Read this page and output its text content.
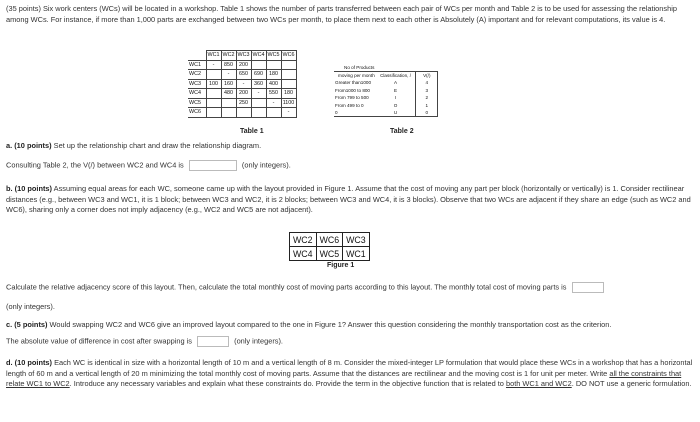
(35 points) Six work centers (WCs) will be located in a workshop. Table 1 shows the number of parts transferred between each pair of WCs per month and Table 2 is to be used for assessing the relationship among WCs. For instance, if more than 1,000 parts are exchanged between two WCs per month, to place them next to each other is Absolutely (A) important and for relevant computations, its value is 4.
	WC1	WC2	WC3	WC4	WC5	WC6
WC1	-	850	200			
WC2		-	650	690	180	
WC3	100	160	-	360	400	
WC4		480	200	-	550	180
WC5			250		-	1100
WC6						-
Table 1
No of Products		
moving per month	Classification, /	V(/)
Greater than1000	A	4
From1000 to 800	E	3
From 799 to 500	I	2
From 499 to 0	O	1
0	U	0
Table 2
a. (10 points) Set up the relationship chart and draw the relationship diagram.
Consulting Table 2, the V(/) between WC2 and WC4 is	(only integers).
b. (10 points) Assuming equal areas for each WC, someone came up with the layout provided in Figure 1. Assume that the cost of moving any part per block (horizontally or vertically) is 1. Consider rectilinear distances (e.g., between WC3 and WC1, it is 1 block; between WC3 and WC2, it is 2 blocks; between WC3 and WC4, it is 3 blocks). Observe that two WCs are adjacent if they share an edge (such as WC2 and WC6), sharing only a corner does not imply adjacency (e.g., WC2 and WC5 are not adjacent).
WC2	WC6	WC3
WC4	WC5	WC1
Figure 1
Calculate the relative adjacency score of this layout. Then, calculate the total monthly cost of moving parts according to this layout. The monthly total cost of moving parts is
(only integers).
c. (5 points) Would swapping WC2 and WC6 give an improved layout compared to the one in Figure 1? Answer this question considering the monthly transportation cost as the criterion.
The absolute value of difference in cost after swapping is	(only integers).
d. (10 points) Each WC is identical in size with a horizontal length of 10 m and a vertical length of 8 m. Consider the mixed-integer LP formulation that would place these WCs in a workshop that has a horizontal length of 60 m and a vertical length of 20 m minimizing the total monthly cost of moving parts. Assume that the distances are rectilinear and the moving cost is 1 for unit per meter. Write all the constraints that relate WC1 to WC2. Introduce any necessary variables and explain what these constraints do. Provide the term in the objective function that is related to both WC1 and WC2. DO NOT use a generic formulation.
